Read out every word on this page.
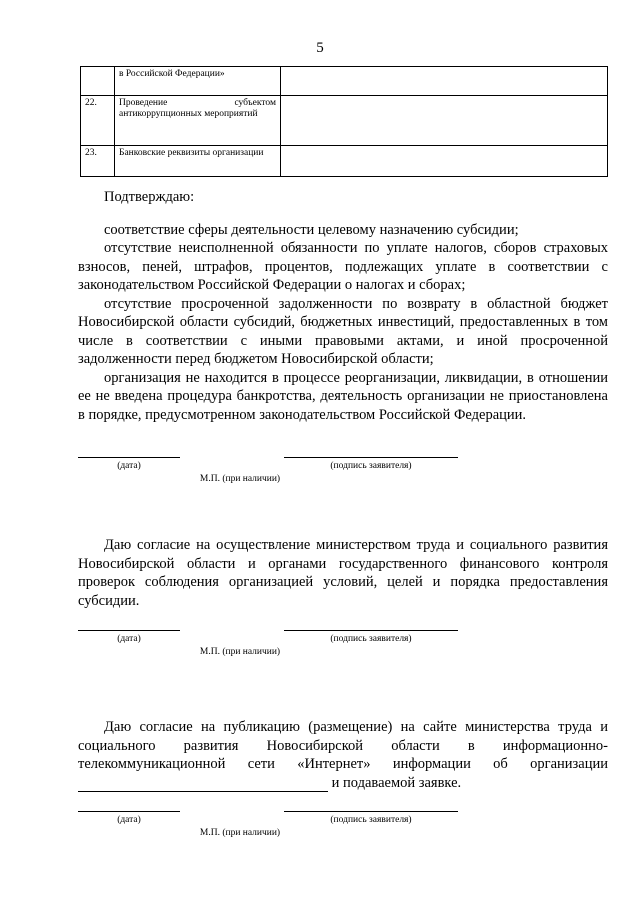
5
	в Российской Федерации»	
22.	Проведение субъектом антикоррупционных мероприятий	
23.	Банковские реквизиты организации	

Подтверждаю:

соответствие сферы деятельности целевому назначению субсидии;

отсутствие неисполненной обязанности по уплате налогов, сборов страховых взносов, пеней, штрафов, процентов, подлежащих уплате в соответствии с законодательством Российской Федерации о налогах и сборах;

отсутствие просроченной задолженности по возврату в областной бюджет Новосибирской области субсидий, бюджетных инвестиций, предоставленных в том числе в соответствии с иными правовыми актами, и иной просроченной задолженности перед бюджетом Новосибирской области;

организация не находится в процессе реорганизации, ликвидации, в отношении ее не введена процедура банкротства, деятельность организации не приостановлена в порядке, предусмотренном законодательством Российской Федерации.

(дата)	(подпись заявителя)
М.П. (при наличии)
Даю согласие на осуществление министерством труда и социального развития Новосибирской области и органами государственного финансового контроля проверок соблюдения организацией условий, целей и порядка предоставления субсидии.
(дата)	(подпись заявителя)
М.П. (при наличии)
Даю согласие на публикацию (размещение) на сайте министерства труда и социального развития Новосибирской области в информационно-телекоммуникационной сети «Интернет» информации об организации  и подаваемой заявке.
(дата)	(подпись заявителя)
М.П. (при наличии)
